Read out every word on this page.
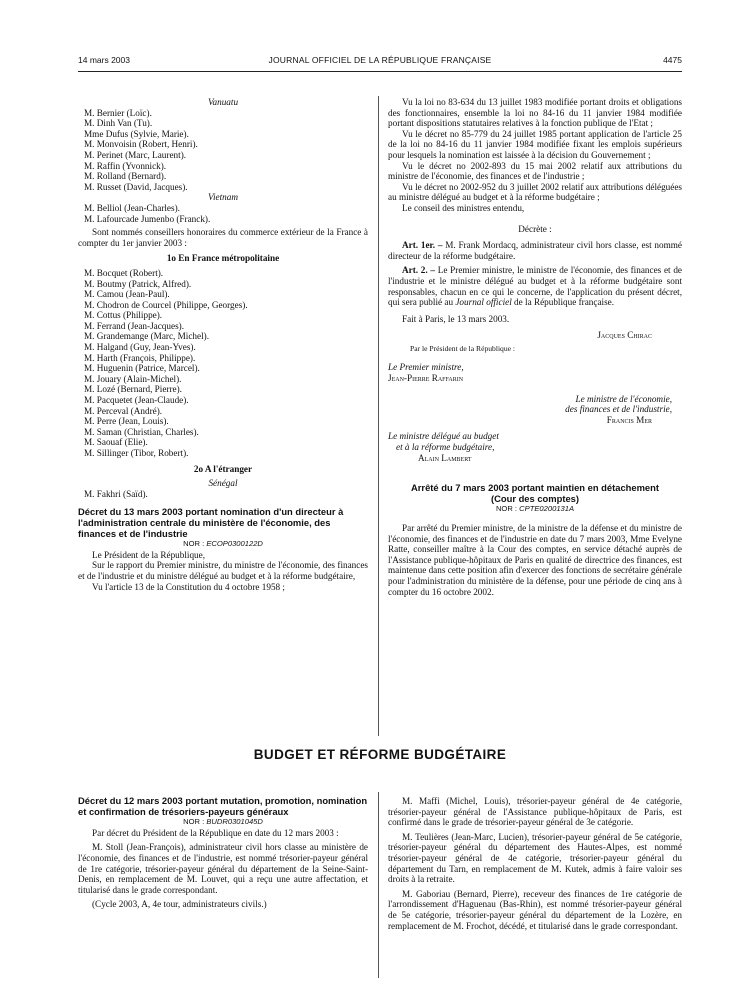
14 mars 2003	JOURNAL OFFICIEL DE LA RÉPUBLIQUE FRANÇAISE	4475

Vanuatu

M. Bernier (Loïc).

M. Dinh Van (Tu).

Mme Dufus (Sylvie, Marie).

M. Monvoisin (Robert, Henri).

M. Perinet (Marc, Laurent).

M. Raffin (Yvonnick).

M. Rolland (Bernard).

M. Russet (David, Jacques).

Vietnam

M. Belliol (Jean-Charles).

M. Lafourcade Jumenbo (Franck).

Sont nommés conseillers honoraires du commerce extérieur de la France à compter du 1er janvier 2003 :

1o En France métropolitaine

M. Bocquet (Robert).

M. Boutmy (Patrick, Alfred).

M. Camou (Jean-Paul).

M. Chodron de Courcel (Philippe, Georges).

M. Cottus (Philippe).

M. Ferrand (Jean-Jacques).

M. Grandemange (Marc, Michel).

M. Halgand (Guy, Jean-Yves).

M. Harth (François, Philippe).

M. Huguenin (Patrice, Marcel).

M. Jouary (Alain-Michel).

M. Lozé (Bernard, Pierre).

M. Pacquetet (Jean-Claude).

M. Perceval (André).

M. Perre (Jean, Louis).

M. Saman (Christian, Charles).

M. Saouaf (Elie).

M. Sillinger (Tibor, Robert).

2o A l'étranger

Sénégal

M. Fakhri (Saïd).

Décret du 13 mars 2003 portant nomination d'un directeur à l'administration centrale du ministère de l'économie, des finances et de l'industrie

NOR : ECOP0300122D

Le Président de la République,

Sur le rapport du Premier ministre, du ministre de l'économie, des finances et de l'industrie et du ministre délégué au budget et à la réforme budgétaire,

Vu l'article 13 de la Constitution du 4 octobre 1958 ;

Vu la loi no 83-634 du 13 juillet 1983 modifiée portant droits et obligations des fonctionnaires, ensemble la loi no 84-16 du 11 janvier 1984 modifiée portant dispositions statutaires relatives à la fonction publique de l'Etat ;

Vu le décret no 85-779 du 24 juillet 1985 portant application de l'article 25 de la loi no 84-16 du 11 janvier 1984 modifiée fixant les emplois supérieurs pour lesquels la nomination est laissée à la décision du Gouvernement ;

Vu le décret no 2002-893 du 15 mai 2002 relatif aux attributions du ministre de l'économie, des finances et de l'industrie ;

Vu le décret no 2002-952 du 3 juillet 2002 relatif aux attributions déléguées au ministre délégué au budget et à la réforme budgétaire ;

Le conseil des ministres entendu,

Décrète :

Art. 1er. – M. Frank Mordacq, administrateur civil hors classe, est nommé directeur de la réforme budgétaire.

Art. 2. – Le Premier ministre, le ministre de l'économie, des finances et de l'industrie et le ministre délégué au budget et à la réforme budgétaire sont responsables, chacun en ce qui le concerne, de l'application du présent décret, qui sera publié au Journal officiel de la République française.

Fait à Paris, le 13 mars 2003.

Jacques Chirac

Par le Président de la République :

Le Premier ministre,

Jean-Pierre Raffarin

Le ministre de l'économie,

des finances et de l'industrie,

Francis Mer

Le ministre délégué au budget

et à la réforme budgétaire,

Alain Lambert

Arrêté du 7 mars 2003 portant maintien en détachement (Cour des comptes)

NOR : CPTE0200131A

Par arrêté du Premier ministre, de la ministre de la défense et du ministre de l'économie, des finances et de l'industrie en date du 7 mars 2003, Mme Evelyne Ratte, conseiller maître à la Cour des comptes, en service détaché auprès de l'Assistance publique-hôpitaux de Paris en qualité de directrice des finances, est maintenue dans cette position afin d'exercer des fonctions de secrétaire générale pour l'administration du ministère de la défense, pour une période de cinq ans à compter du 16 octobre 2002.

BUDGET ET RÉFORME BUDGÉTAIRE

Décret du 12 mars 2003 portant mutation, promotion, nomination et confirmation de trésoriers-payeurs généraux

NOR : BUDR0301045D

Par décret du Président de la République en date du 12 mars 2003 :

M. Stoll (Jean-François), administrateur civil hors classe au ministère de l'économie, des finances et de l'industrie, est nommé trésorier-payeur général de 1re catégorie, trésorier-payeur général du département de la Seine-Saint-Denis, en remplacement de M. Louvet, qui a reçu une autre affectation, et titularisé dans le grade correspondant.

(Cycle 2003, A, 4e tour, administrateurs civils.)

M. Maffi (Michel, Louis), trésorier-payeur général de 4e catégorie, trésorier-payeur général de l'Assistance publique-hôpitaux de Paris, est confirmé dans le grade de trésorier-payeur général de 3e catégorie.

M. Teulières (Jean-Marc, Lucien), trésorier-payeur général de 5e catégorie, trésorier-payeur général du département des Hautes-Alpes, est nommé trésorier-payeur général de 4e catégorie, trésorier-payeur général du département du Tarn, en remplacement de M. Kutek, admis à faire valoir ses droits à la retraite.

M. Gaboriau (Bernard, Pierre), receveur des finances de 1re catégorie de l'arrondissement d'Haguenau (Bas-Rhin), est nommé trésorier-payeur général de 5e catégorie, trésorier-payeur général du département de la Lozère, en remplacement de M. Frochot, décédé, et titularisé dans le grade correspondant.
